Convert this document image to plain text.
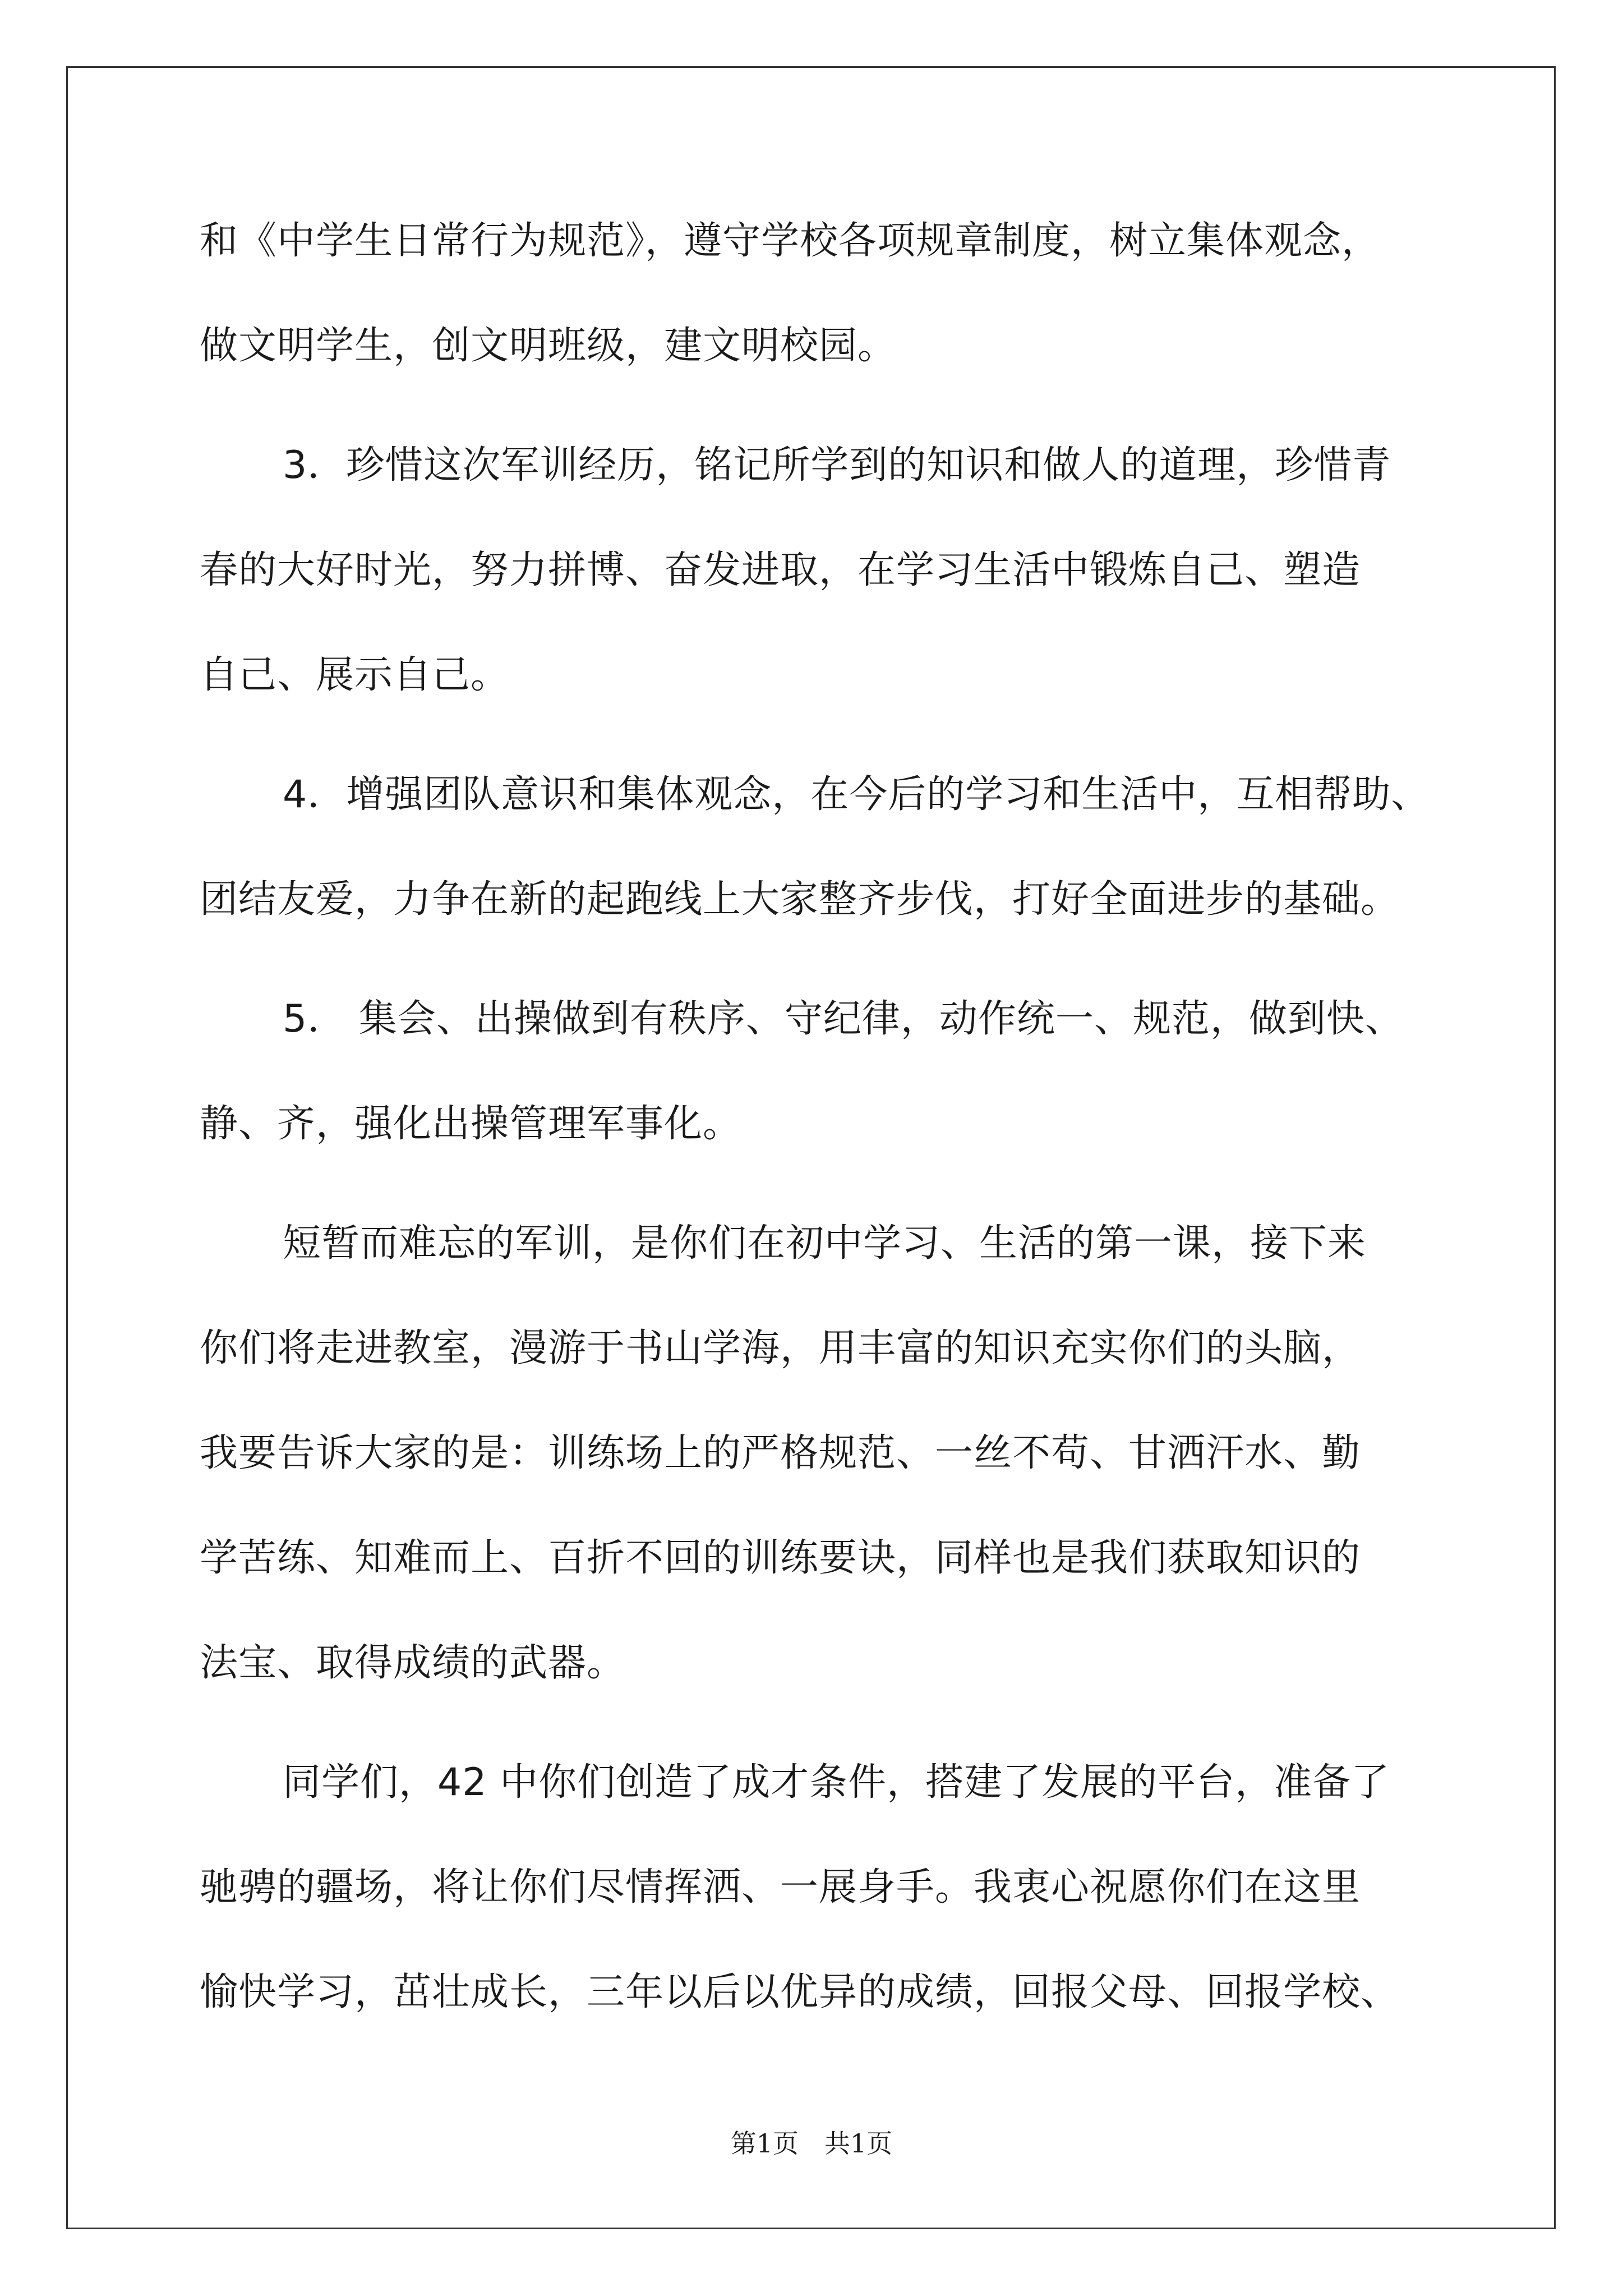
和《中学生日常行为规范》，遵守学校各项规章制度，树立集体观念，
做文明学生，创文明班级，建文明校园。
3．珍惜这次军训经历，铭记所学到的知识和做人的道理，珍惜青
春的大好时光，努力拼博、奋发进取，在学习生活中锻炼自己、塑造
自己、展示自己。
4．增强团队意识和集体观念，在今后的学习和生活中，互相帮助、
团结友爱，力争在新的起跑线上大家整齐步伐，打好全面进步的基础。
5． 集会、出操做到有秩序、守纪律，动作统一、规范，做到快、
静、齐，强化出操管理军事化。
短暂而难忘的军训，是你们在初中学习、生活的第一课，接下来
你们将走进教室，漫游于书山学海，用丰富的知识充实你们的头脑，
我要告诉大家的是：训练场上的严格规范、一丝不苟、甘洒汗水、勤
学苦练、知难而上、百折不回的训练要诀，同样也是我们获取知识的
法宝、取得成绩的武器。
同学们，42 中你们创造了成才条件，搭建了发展的平台，准备了
驰骋的疆场，将让你们尽情挥洒、一展身手。我衷心祝愿你们在这里
愉快学习，茁壮成长，三年以后以优异的成绩，回报父母、回报学校、
第1页 共1页
